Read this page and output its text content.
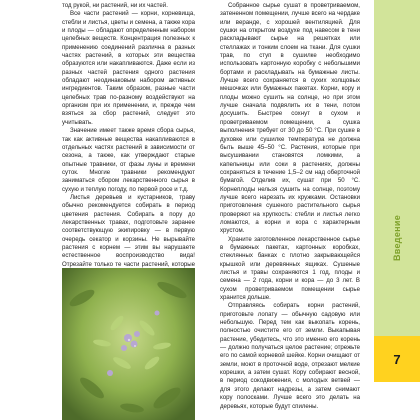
тод рукой, ни растений, ни их частей.

Все части растений — корни, корневища, стебли и листья, цветы и семена, а также кора и плоды — обладают определенным набором целебных веществ. Концентрация полезных к применению соединений различна в разных частях растений, в которых эти вещества образуются или накапливаются. Даже если из разных частей растения одного растения обладают неодинаковым набором активных ингредиентов. Таким образом, разные части целебных трав по-разному воздействуют на организм при их применении, и, прежде чем взяться за сбор растений, следует это учитывать.

Значение имеет также время сбора сырья, так как активные вещества накапливаются в отдельных частях растений в зависимости от сезона, а также, как утверждают старые опытные травники, от фазы луны и времени суток. Многие травники рекомендуют заниматься сбором лекарственного сырья в сухую и теплую погоду, по первой росе и т.д.

Листья деревьев и кустарников, траву обычно рекомендуется собирать в период цветения растения. Собирать в пору до лекарственных травах, подготовьте заранее соответствующую экипировку — в первую очередь секатор и корзины. Не вырывайте растения с корнем — этим вы нарушаете естественное воспроизводство вида! Отрезайте только те части растений, которые

Собранное сырье сушат в проветриваемом, затененном помещении, лучше всего на чердаке или веранде, с хорошей вентиляцией. Для сушки на открытом воздухе под навесом в тени раскладывают сырье на решетках или стеллажах и тонким слоем на ткани. Для сушки трав, по ступ в сушилке необходимо использовать картонную коробку с небольшими бортами и раскладывать на бумажные листы. Лучше всего сохраняется в сухих холщовых мешочках или бумажных пакетах. Корни, кору и плоды можно сушить на солнце, но при этом лучше сначала подвялить их в тени, потом досушить. Быстрее сохнут в сухом и проветриваемом помещении, а сушка выполнения требует от 30 до 50 °С. При сушке в духовке или сушилке температура не должна быть выше 45–50 °С. Растения, которые при высушивании становятся ломкими, а капельницы или соки в растениях, должны сохраняться в течение 1,5–2 см над оберточной бумагой. Отделив их, сушат при 50 °С. Корнеплоды нельзя сушить на солнце, поэтому лучше всего нарезать их кружками. Остановки приготовления сушеного растительного сырья проверяют на хрупкость: стебли и листья легко ломаются, а корни и кора с характерным хрустом.

Храните заготовленное лекарственное сырье в бумажных пакетах, картонных коробках, стеклянных банках с плотно закрывающейся крышкой или деревянных ящиках. Сушеные листья и травы сохраняются 1 год, плоды и семена — 2 года, корни и кора — до 3 лет. В сухом проветриваемом помещении сырье хранится дольше.

Отправляясь собирать корни растений, приготовьте лопату — обычную садовую или небольшую. Перед тем как выкопать корень, полностью очистите его от земли. Выкапывая растение, убедитесь, что это именно его корень — должно получаться целое растение; отрежьте его по самой корневой шейке. Корни очищают от земли, моют в проточной воде, отрезают мелкие корешки, а затем сушат. Кору собирают весной, в период сокодвижения, с молодых ветвей — для этого делают надрезы, а затем снимают кору полосками. Лучше всего это делать на деревьях, которые будут спилены.

Введение
7
